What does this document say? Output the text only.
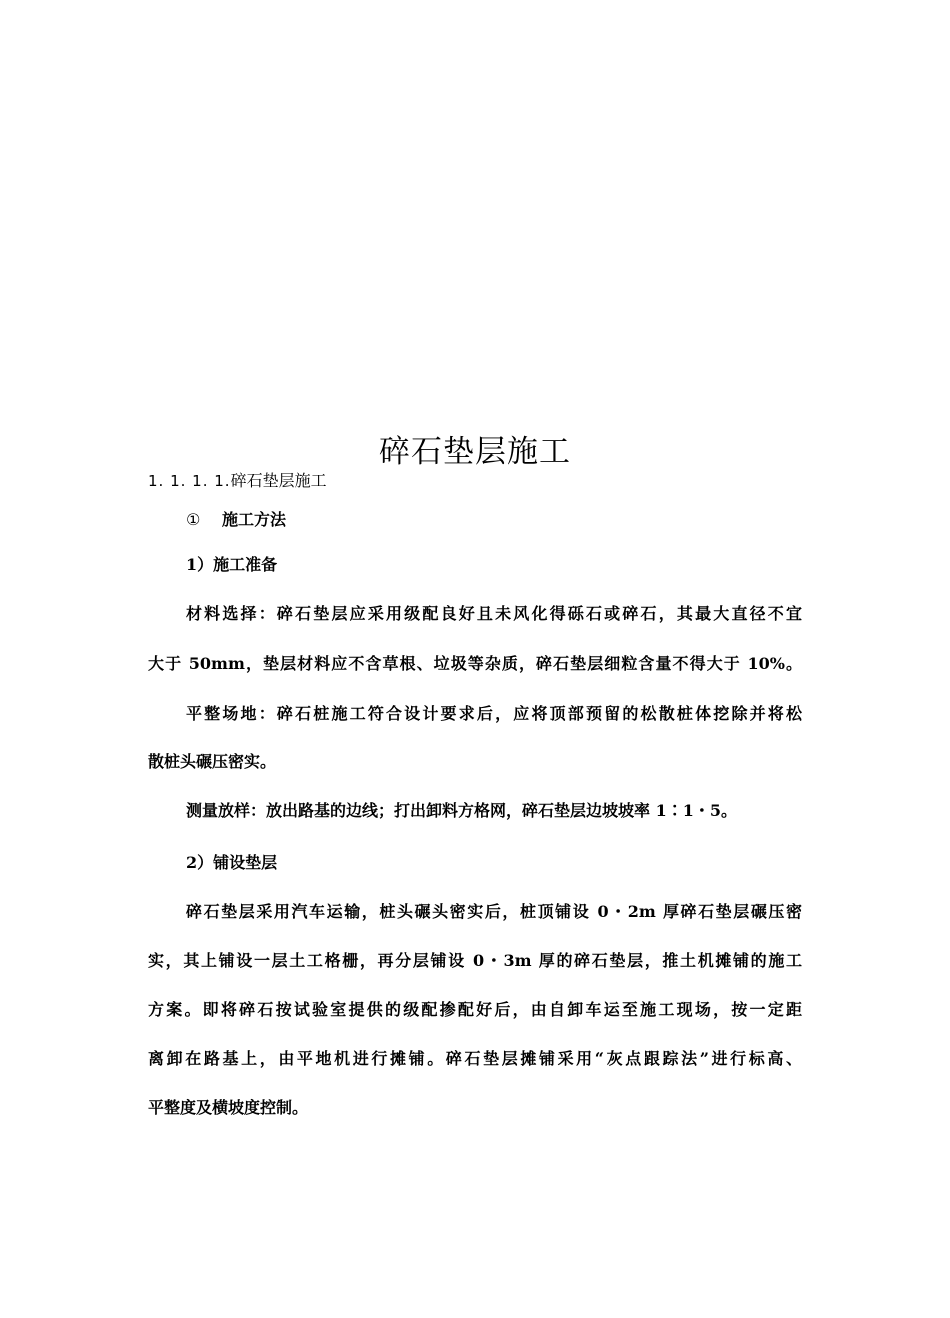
碎石垫层施工
1. 1. 1. 1.碎石垫层施工
① 施工方法
1）施工准备
材料选择：碎石垫层应采用级配良好且未风化得砾石或碎石，其最大直径不宜
大于 50mm，垫层材料应不含草根、垃圾等杂质，碎石垫层细粒含量不得大于 10%。
平整场地：碎石桩施工符合设计要求后，应将顶部预留的松散桩体挖除并将松
散桩头碾压密实。
测量放样：放出路基的边线；打出卸料方格网，碎石垫层边坡坡率 1∶1・5。
2）铺设垫层
碎石垫层采用汽车运输，桩头碾头密实后，桩顶铺设 0・2m 厚碎石垫层碾压密
实，其上铺设一层土工格栅，再分层铺设 0・3m 厚的碎石垫层，推土机摊铺的施工
方案。即将碎石按试验室提供的级配掺配好后，由自卸车运至施工现场，按一定距
离卸在路基上，由平地机进行摊铺。碎石垫层摊铺采用“灰点跟踪法”进行标高、
平整度及横坡度控制。
